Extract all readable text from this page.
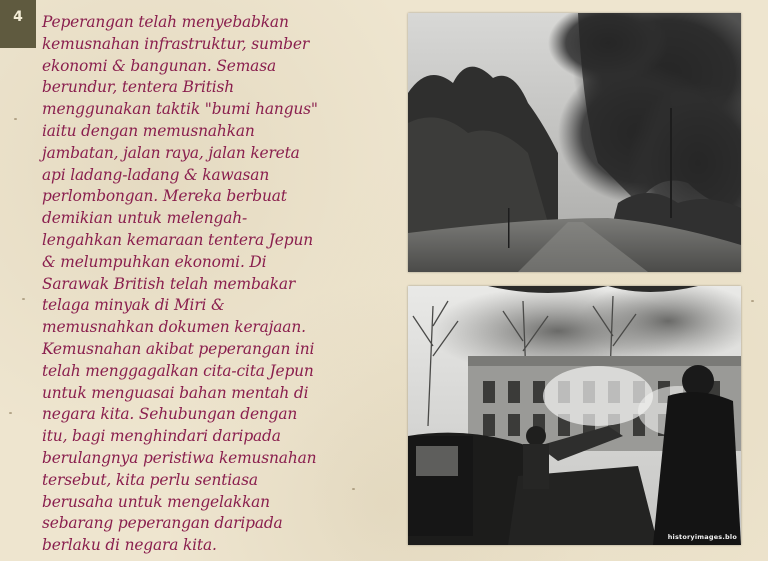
4 Peperangan telah menyebabkan
kemusnahan infrastruktur, sumber
ekonomi & bangunan. Semasa
berundur, tentera British
menggunakan taktik "bumi hangus"
iaitu dengan memusnahkan
jambatan, jalan raya, jalan kereta
api ladang-ladang & kawasan
perlombongan. Mereka berbuat
demikian untuk melengah-
lengahkan kemaraan tentera Jepun
& melumpuhkan ekonomi. Di
Sarawak British telah membakar
telaga minyak di Miri &
memusnahkan dokumen kerajaan.
Kemusnahan akibat peperangan ini
telah menggagalkan cita-cita Jepun
untuk menguasai bahan mentah di
negara kita. Sehubungan dengan
itu, bagi menghindari daripada
berulangnya peristiwa kemusnahan
tersebut, kita perlu sentiasa
berusaha untuk mengelakkan
sebarang peperangan daripada
berlaku di negara kita.	historyimages.blo
